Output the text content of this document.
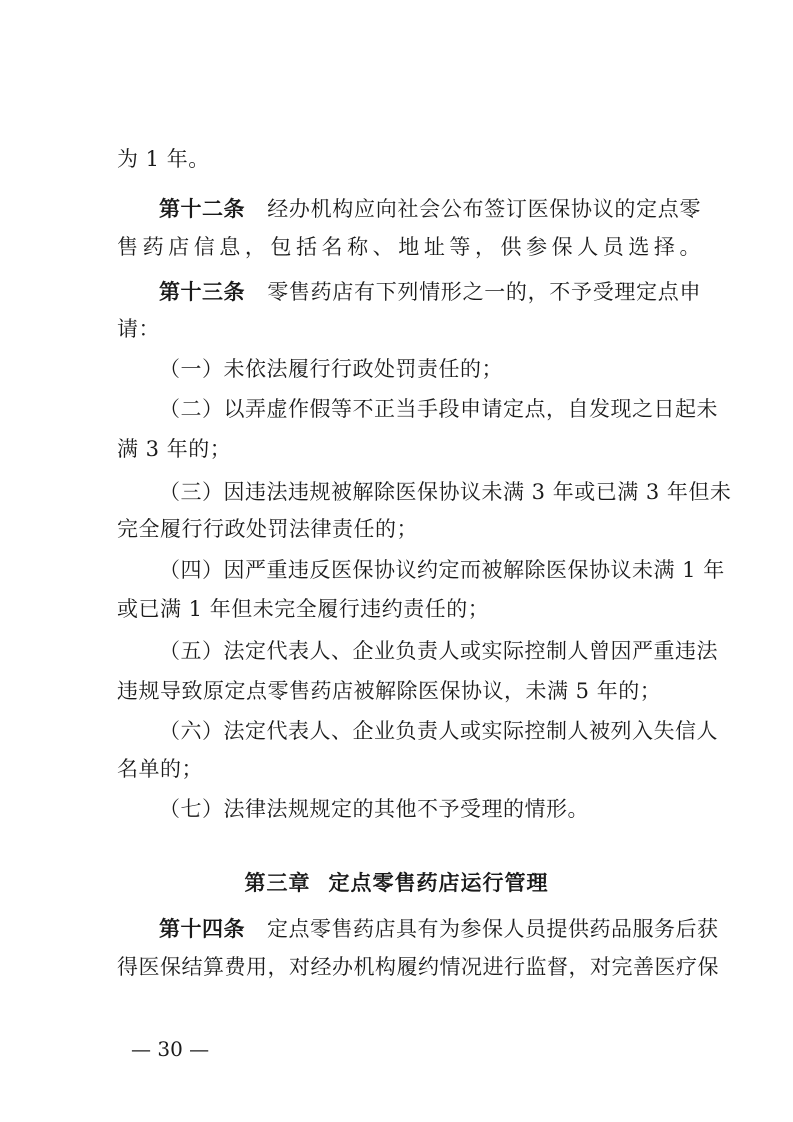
为 1 年。
第十二条 经办机构应向社会公布签订医保协议的定点零
售药店信息，包括名称、地址等，供参保人员选择。
第十三条 零售药店有下列情形之一的，不予受理定点申
请：
（一）未依法履行行政处罚责任的；
（二）以弄虚作假等不正当手段申请定点，自发现之日起未
满 3 年的；
（三）因违法违规被解除医保协议未满 3 年或已满 3 年但未
完全履行行政处罚法律责任的；
（四）因严重违反医保协议约定而被解除医保协议未满 1 年
或已满 1 年但未完全履行违约责任的；
（五）法定代表人、企业负责人或实际控制人曾因严重违法
违规导致原定点零售药店被解除医保协议，未满 5 年的；
（六）法定代表人、企业负责人或实际控制人被列入失信人
名单的；
（七）法律法规规定的其他不予受理的情形。
第三章 定点零售药店运行管理
第十四条 定点零售药店具有为参保人员提供药品服务后获
得医保结算费用，对经办机构履约情况进行监督，对完善医疗保
— 30 —
